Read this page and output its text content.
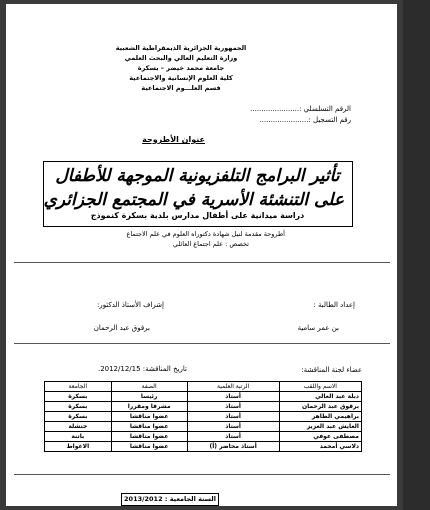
الجمهورية الجزائرية الديمقراطية الشعبية
وزارة التعليم العالي والبحث العلمي
جامعة محمد خيضر – بسكرة
كلية العلوم الإنسانية والاجتماعية
قسم العلـــوم الاجتماعية
الرقم التسلسلي :......................
رقم التسجيل :......................
عنوان الأطروحة
تأثير البرامج التلفزيونية الموجهة للأطفال
على التنشئة الأسرية في المجتمع الجزائري
دراسة ميدانية على أطفال مدارس بلدية بسكرة كنموذج
أطروحة مقدمة لنيل شهادة دكتوراه العلوم في علم الاجتماع
تخصص : علم اجتماع العائلي
إعداد الطالبة :
بن عمر سامية
إشراف الأستاذ الدكتور:
برقوق عبد الرحمان
عضاء لجنة المناقشة:
تاريخ المناقشة: 2012/12/15.
الاسم واللقب	الرتبة العلمية	الصفة	الجامعة
دبلة عبد العالي	أستاذ	رئيسا	بسكرة
برقوق عبد الرحمان	أستاذ	مشرفا ومقررا	بسكرة
براهيمي الطاهر	أستاذ	عضوا مناقشا	بسكرة
العايش عبد العزيز	أستاذ	عضوا مناقشا	خنشلة
مصطفى عوفي	أستاذ	عضوا مناقشا	باتنة
دلاسي أمحمد	أستاذ محاضر (أ)	عضوا مناقشا	الاغواط
السنة الجامعية : 2013/2012
